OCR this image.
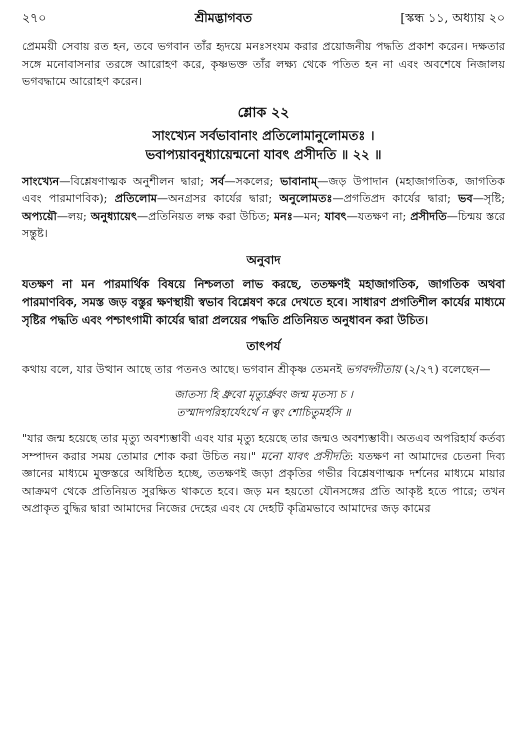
২৭০	শ্রীমদ্ভাগবত	[স্কন্ধ ১১, অধ্যায় ২০

প্রেমময়ী সেবায় রত হন, তবে ভগবান তাঁর হৃদয়ে মনঃসংযম করার প্রয়োজনীয় পদ্ধতি প্রকাশ করেন। দক্ষতার সঙ্গে মনোবাসনার তরঙ্গে আরোহণ করে, কৃষ্ণভক্ত তাঁর লক্ষ্য থেকে পতিত হন না এবং অবশেষে নিজালয় ভগবদ্ধামে আরোহণ করেন।

শ্লোক ২২
সাংখ্যেন সর্বভাবানাং প্রতিলোমানুলোমতঃ ।
ভবাপ্যয়াবনুধ্যায়েন্মনো যাবৎ প্রসীদতি ॥ ২২ ॥

সাংখ্যেন—বিশ্লেষণাত্মক অনুশীলন দ্বারা; সর্ব—সকলের; ভাবানাম্—জড় উপাদান (মহাজাগতিক, জাগতিক এবং পারমাণবিক); প্রতিলোম—অনগ্রসর কার্যের দ্বারা; অনুলোমতঃ—প্রগতিপ্রদ কার্যের দ্বারা; ভব—সৃষ্টি; অপ্যয়ৌ—লয়; অনুধ্যায়েৎ—প্রতিনিয়ত লক্ষ করা উচিত; মনঃ—মন; যাবৎ—যতক্ষণ না; প্রসীদতি—চিন্ময় স্তরে সন্তুষ্ট।

অনুবাদ

যতক্ষণ না মন পারমার্থিক বিষয়ে নিশ্চলতা লাভ করছে, ততক্ষণই মহাজাগতিক, জাগতিক অথবা পারমাণবিক, সমস্ত জড় বস্তুর ক্ষণস্থায়ী স্বভাব বিশ্লেষণ করে দেখতে হবে। সাধারণ প্রগতিশীল কার্যের মাধ্যমে সৃষ্টির পদ্ধতি এবং পশ্চাৎগামী কার্যের দ্বারা প্রলয়ের পদ্ধতি প্রতিনিয়ত অনুধাবন করা উচিত।

তাৎপর্য

কথায় বলে, যার উত্থান আছে তার পতনও আছে। ভগবান শ্রীকৃষ্ণ তেমনই ভগবদ্গীতায় (২/২৭) বলেছেন—

জাতস্য হি ধ্রুবো মৃত্যুর্ধ্রুবং জন্ম মৃতস্য চ ।
তস্মাদপরিহার্যেঽর্থে ন ত্বং শোচিতুমর্হসি ॥

"যার জন্ম হয়েছে তার মৃত্যু অবশ্যম্ভাবী এবং যার মৃত্যু হয়েছে তার জন্মও অবশ্যম্ভাবী। অতএব অপরিহার্য কর্তব্য সম্পাদন করার সময় তোমার শোক করা উচিত নয়।" মনো যাবৎ প্রসীদতি: যতক্ষণ না আমাদের চেতনা দিব্য জ্ঞানের মাধ্যমে মুক্তস্তরে অধিষ্ঠিত হচ্ছে, ততক্ষণই জড়া প্রকৃতির গভীর বিশ্লেষণাত্মক দর্শনের মাধ্যমে মায়ার আক্রমণ থেকে প্রতিনিয়ত সুরক্ষিত থাকতে হবে। জড় মন হয়তো যৌনসঙ্গের প্রতি আকৃষ্ট হতে পারে; তখন অপ্রাকৃত বুদ্ধির দ্বারা আমাদের নিজের দেহের এবং যে দেহটি কৃত্রিমভাবে আমাদের জড় কামের
